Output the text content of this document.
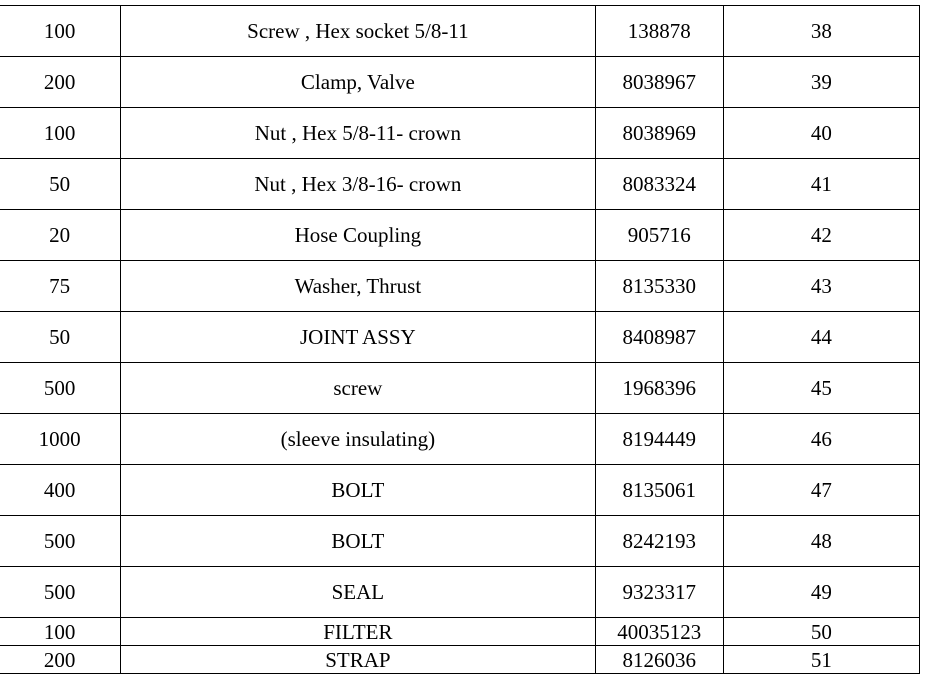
100	Screw , Hex socket 5/8-11	138878	38
200	Clamp, Valve	8038967	39
100	Nut , Hex 5/8-11- crown	8038969	40
50	Nut , Hex 3/8-16- crown	8083324	41
20	Hose Coupling	905716	42
75	Washer, Thrust	8135330	43
50	JOINT ASSY	8408987	44
500	screw	1968396	45
1000	(sleeve insulating)	8194449	46
400	BOLT	8135061	47
500	BOLT	8242193	48
500	SEAL	9323317	49
100	FILTER	40035123	50
200	STRAP	8126036	51
